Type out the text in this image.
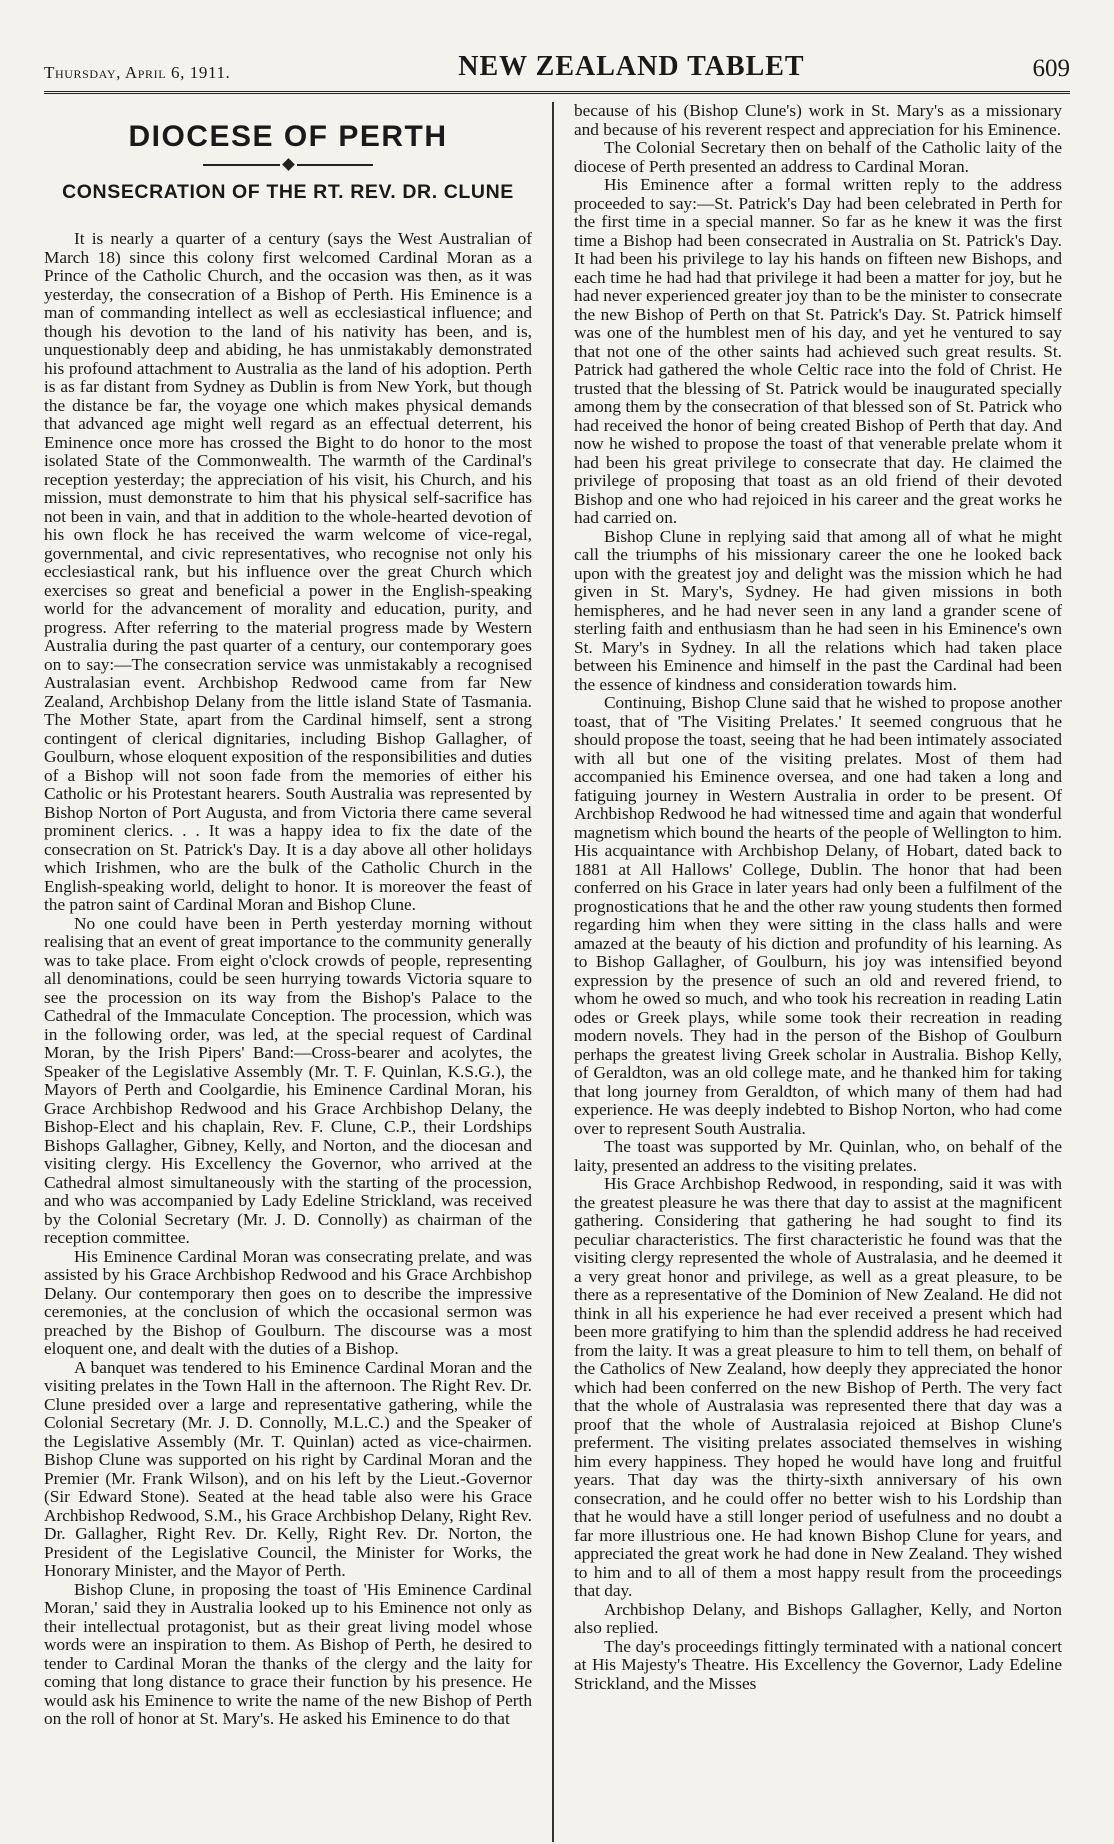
Thursday, April 6, 1911.	NEW ZEALAND TABLET	609
DIOCESE OF PERTH
CONSECRATION OF THE RT. REV. DR. CLUNE

It is nearly a quarter of a century (says the West Australian of March 18) since this colony first welcomed Cardinal Moran as a Prince of the Catholic Church, and the occasion was then, as it was yesterday, the consecration of a Bishop of Perth. His Eminence is a man of commanding intellect as well as ecclesiastical influence; and though his devotion to the land of his nativity has been, and is, unquestionably deep and abiding, he has unmistakably demonstrated his profound attachment to Australia as the land of his adoption. Perth is as far distant from Sydney as Dublin is from New York, but though the distance be far, the voyage one which makes physical demands that advanced age might well regard as an effectual deterrent, his Eminence once more has crossed the Bight to do honor to the most isolated State of the Commonwealth. The warmth of the Cardinal's reception yesterday; the appreciation of his visit, his Church, and his mission, must demonstrate to him that his physical self-sacrifice has not been in vain, and that in addition to the whole-hearted devotion of his own flock he has received the warm welcome of vice-regal, governmental, and civic representatives, who recognise not only his ecclesiastical rank, but his influence over the great Church which exercises so great and beneficial a power in the English-speaking world for the advancement of morality and education, purity, and progress. After referring to the material progress made by Western Australia during the past quarter of a century, our contemporary goes on to say:—The consecration service was unmistakably a recognised Australasian event. Archbishop Redwood came from far New Zealand, Archbishop Delany from the little island State of Tasmania. The Mother State, apart from the Cardinal himself, sent a strong contingent of clerical dignitaries, including Bishop Gallagher, of Goulburn, whose eloquent exposition of the responsibilities and duties of a Bishop will not soon fade from the memories of either his Catholic or his Protestant hearers. South Australia was represented by Bishop Norton of Port Augusta, and from Victoria there came several prominent clerics. . . It was a happy idea to fix the date of the consecration on St. Patrick's Day. It is a day above all other holidays which Irishmen, who are the bulk of the Catholic Church in the English-speaking world, delight to honor. It is moreover the feast of the patron saint of Cardinal Moran and Bishop Clune.

No one could have been in Perth yesterday morning without realising that an event of great importance to the community generally was to take place. From eight o'clock crowds of people, representing all denominations, could be seen hurrying towards Victoria square to see the procession on its way from the Bishop's Palace to the Cathedral of the Immaculate Conception. The procession, which was in the following order, was led, at the special request of Cardinal Moran, by the Irish Pipers' Band:—Cross-bearer and acolytes, the Speaker of the Legislative Assembly (Mr. T. F. Quinlan, K.S.G.), the Mayors of Perth and Coolgardie, his Eminence Cardinal Moran, his Grace Archbishop Redwood and his Grace Archbishop Delany, the Bishop-Elect and his chaplain, Rev. F. Clune, C.P., their Lordships Bishops Gallagher, Gibney, Kelly, and Norton, and the diocesan and visiting clergy. His Excellency the Governor, who arrived at the Cathedral almost simultaneously with the starting of the procession, and who was accompanied by Lady Edeline Strickland, was received by the Colonial Secretary (Mr. J. D. Connolly) as chairman of the reception committee.

His Eminence Cardinal Moran was consecrating prelate, and was assisted by his Grace Archbishop Redwood and his Grace Archbishop Delany. Our contemporary then goes on to describe the impressive ceremonies, at the conclusion of which the occasional sermon was preached by the Bishop of Goulburn. The discourse was a most eloquent one, and dealt with the duties of a Bishop.

A banquet was tendered to his Eminence Cardinal Moran and the visiting prelates in the Town Hall in the afternoon. The Right Rev. Dr. Clune presided over a large and representative gathering, while the Colonial Secretary (Mr. J. D. Connolly, M.L.C.) and the Speaker of the Legislative Assembly (Mr. T. Quinlan) acted as vice-chairmen. Bishop Clune was supported on his right by Cardinal Moran and the Premier (Mr. Frank Wilson), and on his left by the Lieut.-Governor (Sir Edward Stone). Seated at the head table also were his Grace Archbishop Redwood, S.M., his Grace Archbishop Delany, Right Rev. Dr. Gallagher, Right Rev. Dr. Kelly, Right Rev. Dr. Norton, the President of the Legislative Council, the Minister for Works, the Honorary Minister, and the Mayor of Perth.

Bishop Clune, in proposing the toast of 'His Eminence Cardinal Moran,' said they in Australia looked up to his Eminence not only as their intellectual protagonist, but as their great living model whose words were an inspiration to them. As Bishop of Perth, he desired to tender to Cardinal Moran the thanks of the clergy and the laity for coming that long distance to grace their function by his presence. He would ask his Eminence to write the name of the new Bishop of Perth on the roll of honor at St. Mary's. He asked his Eminence to do that

because of his (Bishop Clune's) work in St. Mary's as a missionary and because of his reverent respect and appreciation for his Eminence.

The Colonial Secretary then on behalf of the Catholic laity of the diocese of Perth presented an address to Cardinal Moran.

His Eminence after a formal written reply to the address proceeded to say:—St. Patrick's Day had been celebrated in Perth for the first time in a special manner. So far as he knew it was the first time a Bishop had been consecrated in Australia on St. Patrick's Day. It had been his privilege to lay his hands on fifteen new Bishops, and each time he had had that privilege it had been a matter for joy, but he had never experienced greater joy than to be the minister to consecrate the new Bishop of Perth on that St. Patrick's Day. St. Patrick himself was one of the humblest men of his day, and yet he ventured to say that not one of the other saints had achieved such great results. St. Patrick had gathered the whole Celtic race into the fold of Christ. He trusted that the blessing of St. Patrick would be inaugurated specially among them by the consecration of that blessed son of St. Patrick who had received the honor of being created Bishop of Perth that day. And now he wished to propose the toast of that venerable prelate whom it had been his great privilege to consecrate that day. He claimed the privilege of proposing that toast as an old friend of their devoted Bishop and one who had rejoiced in his career and the great works he had carried on.

Bishop Clune in replying said that among all of what he might call the triumphs of his missionary career the one he looked back upon with the greatest joy and delight was the mission which he had given in St. Mary's, Sydney. He had given missions in both hemispheres, and he had never seen in any land a grander scene of sterling faith and enthusiasm than he had seen in his Eminence's own St. Mary's in Sydney. In all the relations which had taken place between his Eminence and himself in the past the Cardinal had been the essence of kindness and consideration towards him.

Continuing, Bishop Clune said that he wished to propose another toast, that of 'The Visiting Prelates.' It seemed congruous that he should propose the toast, seeing that he had been intimately associated with all but one of the visiting prelates. Most of them had accompanied his Eminence oversea, and one had taken a long and fatiguing journey in Western Australia in order to be present. Of Archbishop Redwood he had witnessed time and again that wonderful magnetism which bound the hearts of the people of Wellington to him. His acquaintance with Archbishop Delany, of Hobart, dated back to 1881 at All Hallows' College, Dublin. The honor that had been conferred on his Grace in later years had only been a fulfilment of the prognostications that he and the other raw young students then formed regarding him when they were sitting in the class halls and were amazed at the beauty of his diction and profundity of his learning. As to Bishop Gallagher, of Goulburn, his joy was intensified beyond expression by the presence of such an old and revered friend, to whom he owed so much, and who took his recreation in reading Latin odes or Greek plays, while some took their recreation in reading modern novels. They had in the person of the Bishop of Goulburn perhaps the greatest living Greek scholar in Australia. Bishop Kelly, of Geraldton, was an old college mate, and he thanked him for taking that long journey from Geraldton, of which many of them had had experience. He was deeply indebted to Bishop Norton, who had come over to represent South Australia.

The toast was supported by Mr. Quinlan, who, on behalf of the laity, presented an address to the visiting prelates.

His Grace Archbishop Redwood, in responding, said it was with the greatest pleasure he was there that day to assist at the magnificent gathering. Considering that gathering he had sought to find its peculiar characteristics. The first characteristic he found was that the visiting clergy represented the whole of Australasia, and he deemed it a very great honor and privilege, as well as a great pleasure, to be there as a representative of the Dominion of New Zealand. He did not think in all his experience he had ever received a present which had been more gratifying to him than the splendid address he had received from the laity. It was a great pleasure to him to tell them, on behalf of the Catholics of New Zealand, how deeply they appreciated the honor which had been conferred on the new Bishop of Perth. The very fact that the whole of Australasia was represented there that day was a proof that the whole of Australasia rejoiced at Bishop Clune's preferment. The visiting prelates associated themselves in wishing him every happiness. They hoped he would have long and fruitful years. That day was the thirty-sixth anniversary of his own consecration, and he could offer no better wish to his Lordship than that he would have a still longer period of usefulness and no doubt a far more illustrious one. He had known Bishop Clune for years, and appreciated the great work he had done in New Zealand. They wished to him and to all of them a most happy result from the proceedings that day.

Archbishop Delany, and Bishops Gallagher, Kelly, and Norton also replied.

The day's proceedings fittingly terminated with a national concert at His Majesty's Theatre. His Excellency the Governor, Lady Edeline Strickland, and the Misses
